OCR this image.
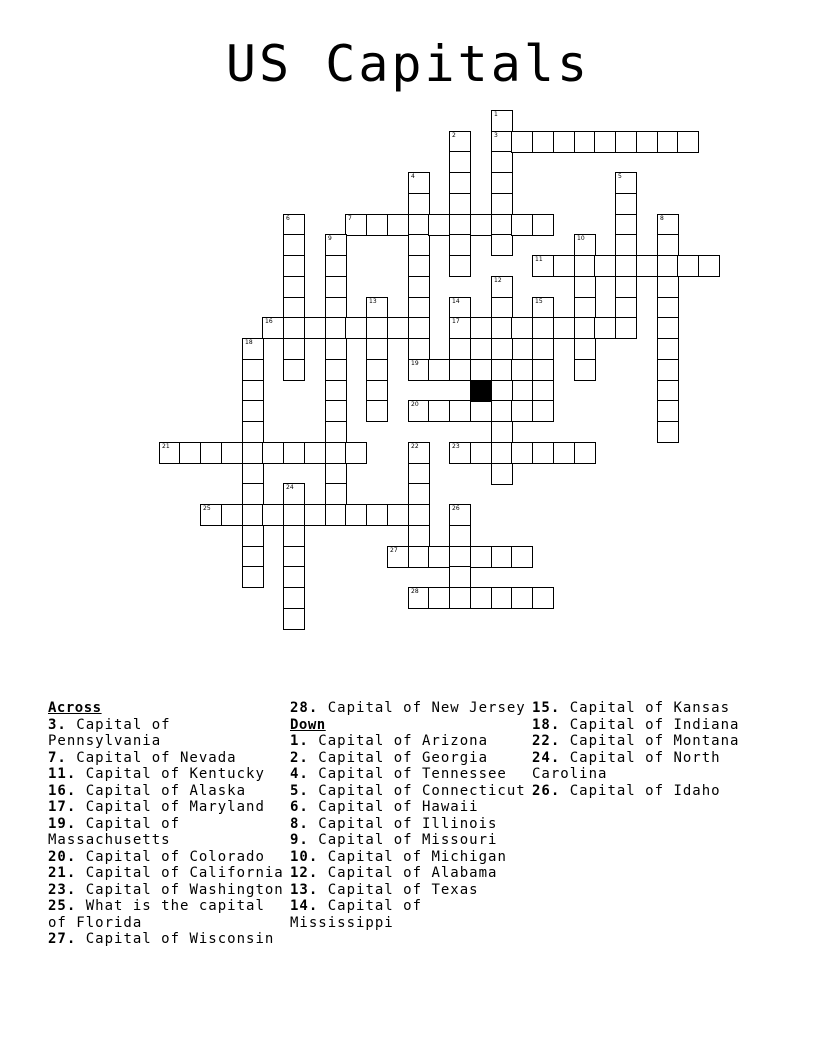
US Capitals
1
3
2
4	5
6	7	8
9	10
11
12
13	14
17
15
16
18
19
20
21	22	23
24
25	26
27
28
Across
3. Capital of Pennsylvania
7. Capital of Nevada
11. Capital of Kentucky
16. Capital of Alaska
17. Capital of Maryland
19. Capital of Massachusetts
20. Capital of Colorado
21. Capital of California
23. Capital of Washington
25. What is the capital of Florida
27. Capital of Wisconsin
28. Capital of New Jersey
Down
1. Capital of Arizona
2. Capital of Georgia
4. Capital of Tennessee
5. Capital of Connecticut
6. Capital of Hawaii
8. Capital of Illinois
9. Capital of Missouri
10. Capital of Michigan
12. Capital of Alabama
13. Capital of Texas
14. Capital of Mississippi
15. Capital of Kansas
18. Capital of Indiana
22. Capital of Montana
24. Capital of North Carolina
26. Capital of Idaho
